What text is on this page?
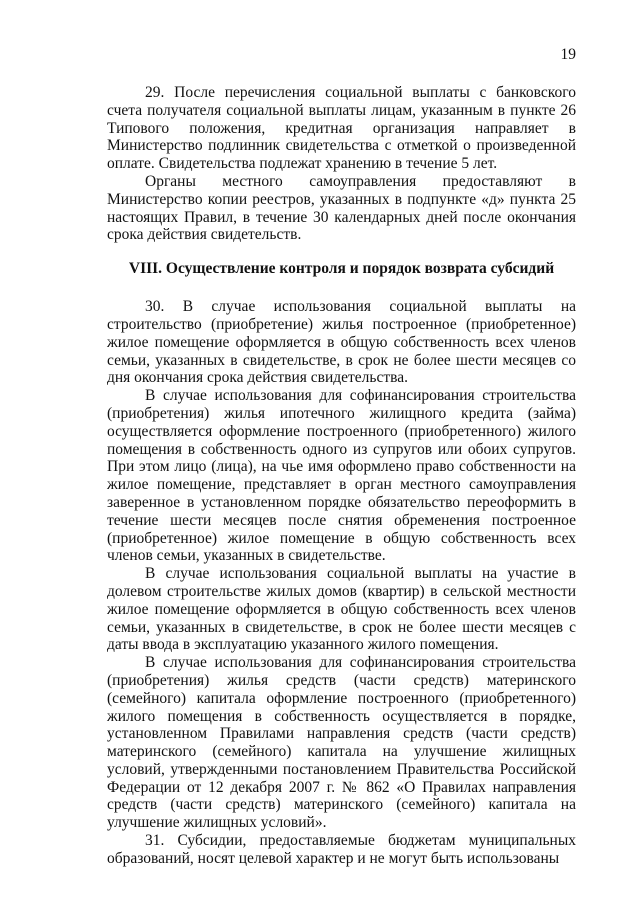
19

29. После перечисления социальной выплаты с банковского счета получателя социальной выплаты лицам, указанным в пункте 26 Типового положения, кредитная организация направляет в Министерство подлинник свидетельства с отметкой о произведенной оплате. Свидетельства подлежат хранению в течение 5 лет.

Органы местного самоуправления предоставляют в Министерство копии реестров, указанных в подпункте «д» пункта 25 настоящих Правил, в течение 30 календарных дней после окончания срока действия свидетельств.

VIII. Осуществление контроля и порядок возврата субсидий

30. В случае использования социальной выплаты на строительство (приобретение) жилья построенное (приобретенное) жилое помещение оформляется в общую собственность всех членов семьи, указанных в свидетельстве, в срок не более шести месяцев со дня окончания срока действия свидетельства.

В случае использования для софинансирования строительства (приобретения) жилья ипотечного жилищного кредита (займа) осуществляется оформление построенного (приобретенного) жилого помещения в собственность одного из супругов или обоих супругов. При этом лицо (лица), на чье имя оформлено право собственности на жилое помещение, представляет в орган местного самоуправления заверенное в установленном порядке обязательство переоформить в течение шести месяцев после снятия обременения построенное (приобретенное) жилое помещение в общую собственность всех членов семьи, указанных в свидетельстве.

В случае использования социальной выплаты на участие в долевом строительстве жилых домов (квартир) в сельской местности жилое помещение оформляется в общую собственность всех членов семьи, указанных в свидетельстве, в срок не более шести месяцев с даты ввода в эксплуатацию указанного жилого помещения.

В случае использования для софинансирования строительства (приобретения) жилья средств (части средств) материнского (семейного) капитала оформление построенного (приобретенного) жилого помещения в собственность осуществляется в порядке, установленном Правилами направления средств (части средств) материнского (семейного) капитала на улучшение жилищных условий, утвержденными постановлением Правительства Российской Федерации от 12 декабря 2007 г. № 862 «О Правилах направления средств (части средств) материнского (семейного) капитала на улучшение жилищных условий».

31. Субсидии, предоставляемые бюджетам муниципальных образований, носят целевой характер и не могут быть использованы
